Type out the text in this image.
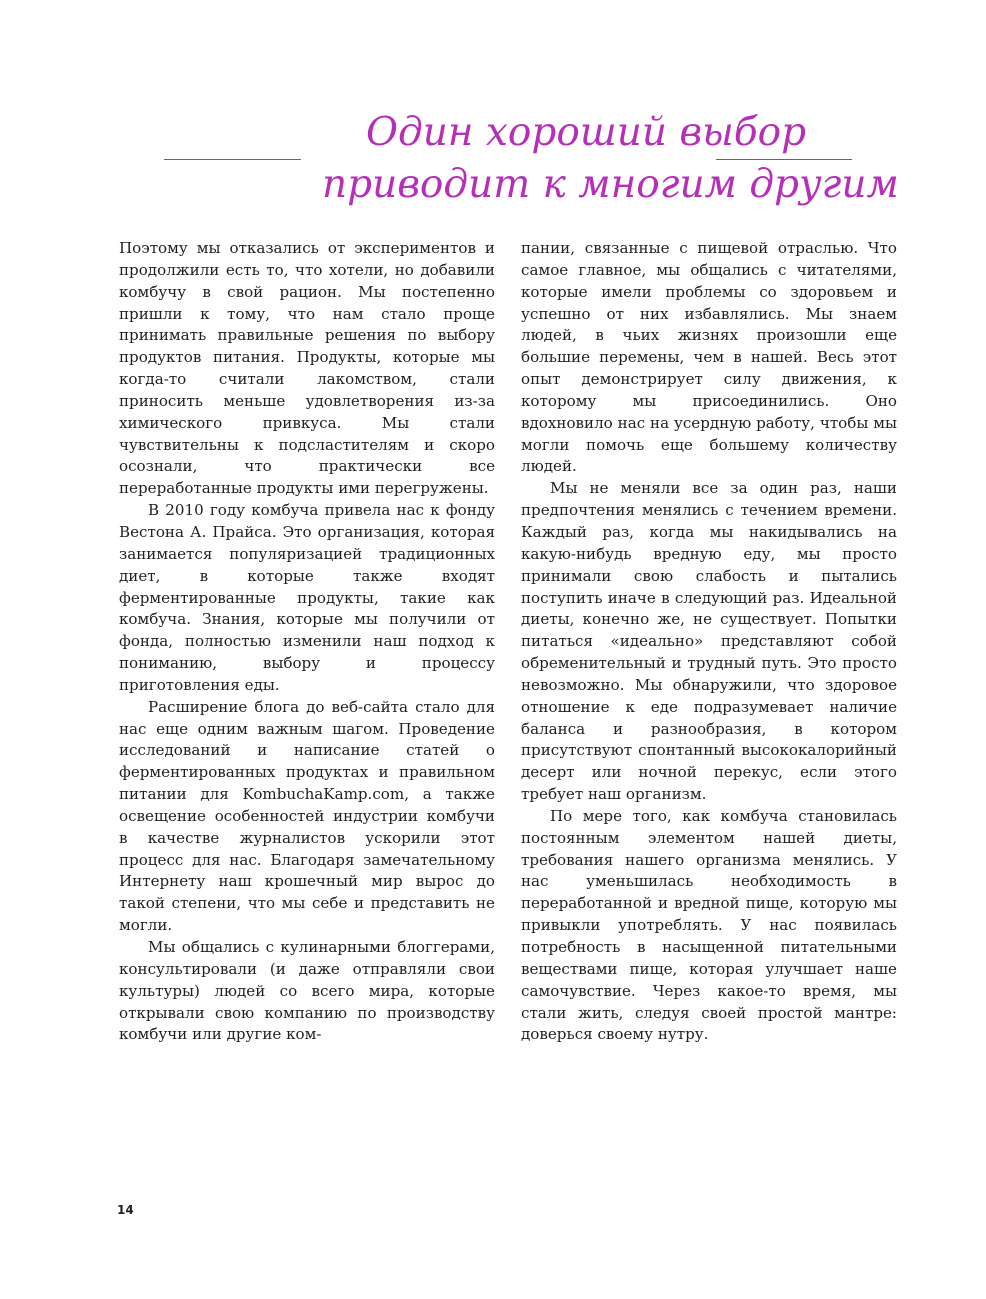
Один хороший выбор
приводит к многим другим

Поэтому мы отказались от экспериментов и продолжили есть то, что хотели, но добавили комбучу в свой рацион. Мы постепенно пришли к тому, что нам стало проще принимать правильные решения по выбору продуктов питания. Продукты, которые мы когда-то считали лакомством, стали приносить меньше удовлетворения из-за химического привкуса. Мы стали чувствительны к подсластителям и скоро осознали, что практически все переработанные продукты ими перегружены.

В 2010 году комбуча привела нас к фонду Вестона А. Прайса. Это организация, которая занимается популяризацией традиционных диет, в которые также входят ферментированные продукты, такие как комбуча. Знания, которые мы получили от фонда, полностью изменили наш подход к пониманию, выбору и процессу приготовления еды.

Расширение блога до веб-сайта стало для нас еще одним важным шагом. Проведение исследований и написание статей о ферментированных продуктах и правильном питании для KombuchaKamp.com, а также освещение особенностей индустрии комбучи в качестве журналистов ускорили этот процесс для нас. Благодаря замечательному Интернету наш крошечный мир вырос до такой степени, что мы себе и представить не могли.

Мы общались с кулинарными блоггерами, консультировали (и даже отправляли свои культуры) людей со всего мира, которые открывали свою компанию по производству комбучи или другие ком-

пании, связанные с пищевой отраслью. Что самое главное, мы общались с читателями, которые имели проблемы со здоровьем и успешно от них избавлялись. Мы знаем людей, в чьих жизнях произошли еще большие перемены, чем в нашей. Весь этот опыт демонстрирует силу движения, к которому мы присоединились. Оно вдохновило нас на усердную работу, чтобы мы могли помочь еще большему количеству людей.

Мы не меняли все за один раз, наши предпочтения менялись с течением времени. Каждый раз, когда мы накидывались на какую-нибудь вредную еду, мы просто принимали свою слабость и пытались поступить иначе в следующий раз. Идеальной диеты, конечно же, не существует. Попытки питаться «идеально» представляют собой обременительный и трудный путь. Это просто невозможно. Мы обнаружили, что здоровое отношение к еде подразумевает наличие баланса и разнообразия, в котором присутствуют спонтанный высококалорийный десерт или ночной перекус, если этого требует наш организм.

По мере того, как комбуча становилась постоянным элементом нашей диеты, требования нашего организма менялись. У нас уменьшилась необходимость в переработанной и вредной пище, которую мы привыкли употреблять. У нас появилась потребность в насыщенной питательными веществами пище, которая улучшает наше самочувствие. Через какое-то время, мы стали жить, следуя своей простой мантре: доверься своему нутру.

14
